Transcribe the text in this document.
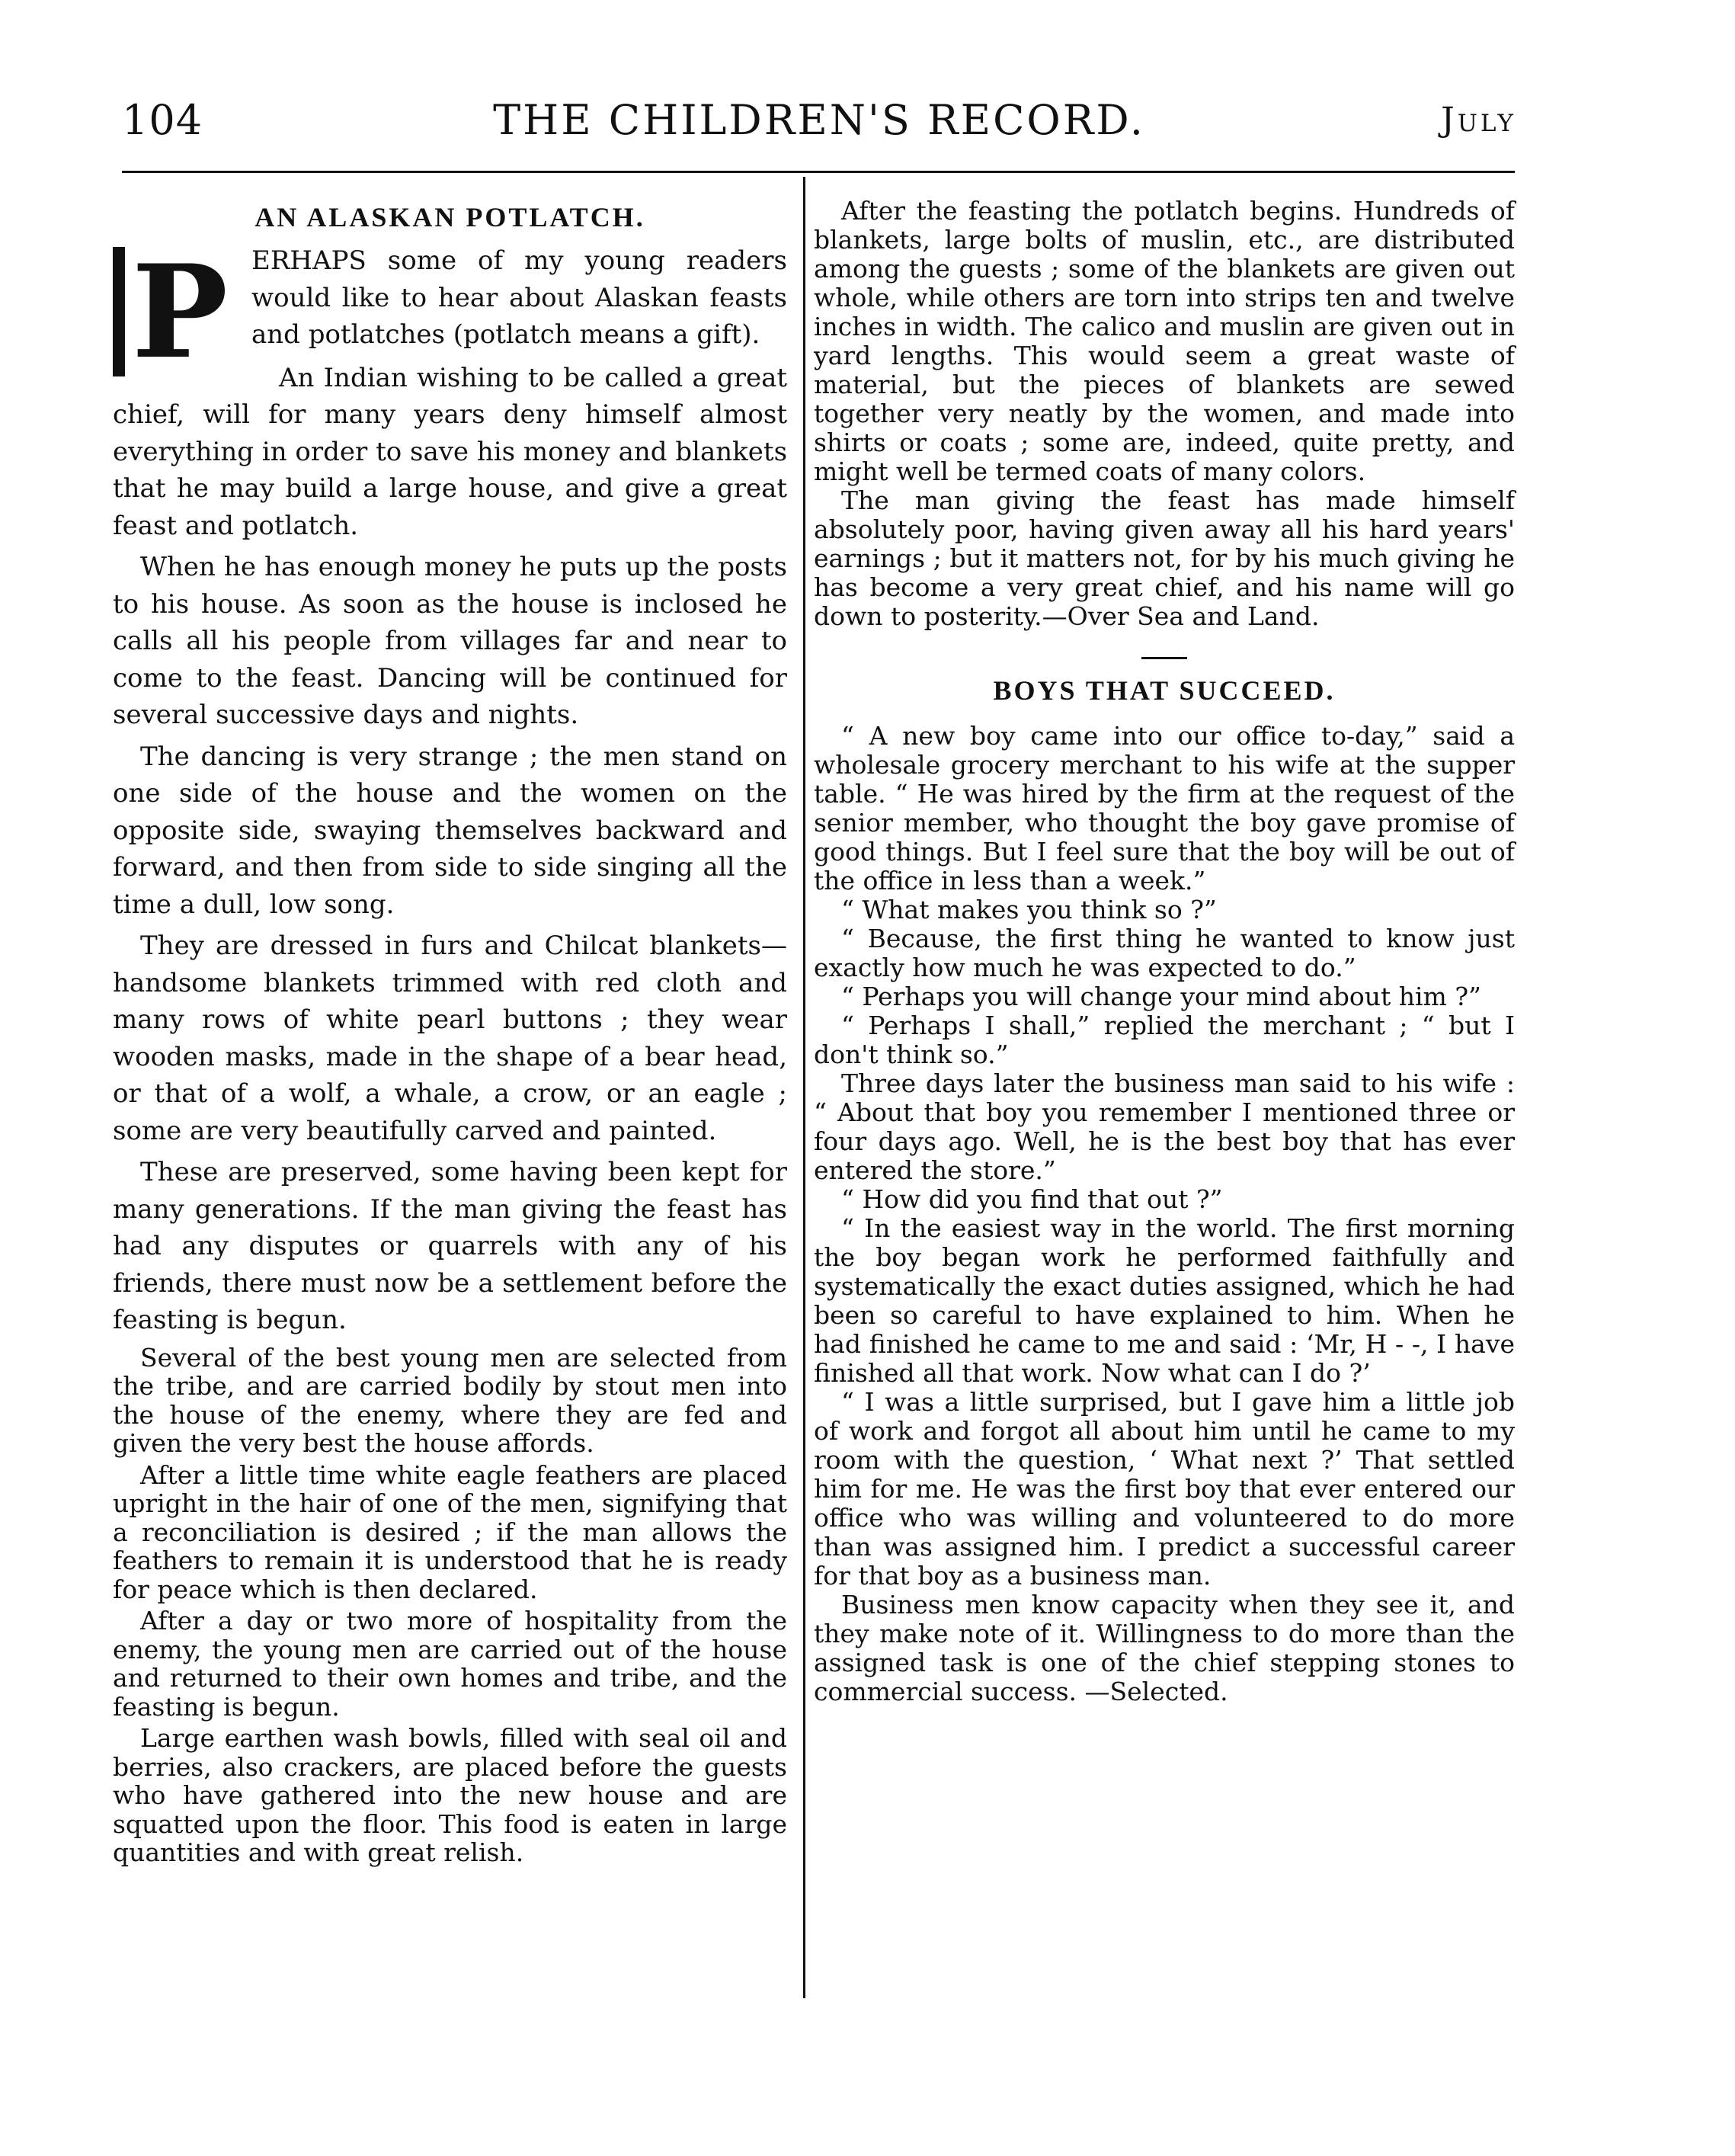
104	THE CHILDREN'S RECORD.	July
AN ALASKAN POTLATCH.
P ERHAPS some of my young readers would like to hear about Alaskan feasts and potlatches (potlatch means a gift).

An Indian wishing to be called a great chief, will for many years deny himself almost everything in order to save his money and blankets that he may build a large house, and give a great feast and potlatch.

When he has enough money he puts up the posts to his house. As soon as the house is inclosed he calls all his people from villages far and near to come to the feast. Dancing will be continued for several successive days and nights.

The dancing is very strange ; the men stand on one side of the house and the women on the opposite side, swaying themselves backward and forward, and then from side to side singing all the time a dull, low song.

They are dressed in furs and Chilcat blankets—handsome blankets trimmed with red cloth and many rows of white pearl buttons ; they wear wooden masks, made in the shape of a bear head, or that of a wolf, a whale, a crow, or an eagle ; some are very beautifully carved and painted.

These are preserved, some having been kept for many generations. If the man giving the feast has had any disputes or quarrels with any of his friends, there must now be a settlement before the feasting is begun.

Several of the best young men are selected from the tribe, and are carried bodily by stout men into the house of the enemy, where they are fed and given the very best the house affords.

After a little time white eagle feathers are placed upright in the hair of one of the men, signifying that a reconciliation is desired ; if the man allows the feathers to remain it is understood that he is ready for peace which is then declared.

After a day or two more of hospitality from the enemy, the young men are carried out of the house and returned to their own homes and tribe, and the feasting is begun.

Large earthen wash bowls, filled with seal oil and berries, also crackers, are placed before the guests who have gathered into the new house and are squatted upon the floor. This food is eaten in large quantities and with great relish.

After the feasting the potlatch begins. Hundreds of blankets, large bolts of muslin, etc., are distributed among the guests ; some of the blankets are given out whole, while others are torn into strips ten and twelve inches in width. The calico and muslin are given out in yard lengths. This would seem a great waste of material, but the pieces of blankets are sewed together very neatly by the women, and made into shirts or coats ; some are, indeed, quite pretty, and might well be termed coats of many colors.

The man giving the feast has made himself absolutely poor, having given away all his hard years' earnings ; but it matters not, for by his much giving he has become a very great chief, and his name will go down to posterity.—Over Sea and Land.

BOYS THAT SUCCEED.

“ A new boy came into our office to-day,” said a wholesale grocery merchant to his wife at the supper table. “ He was hired by the firm at the request of the senior member, who thought the boy gave promise of good things. But I feel sure that the boy will be out of the office in less than a week.”

“ What makes you think so ?”

“ Because, the first thing he wanted to know just exactly how much he was expected to do.”

“ Perhaps you will change your mind about him ?”

“ Perhaps I shall,” replied the merchant ; “ but I don't think so.”

Three days later the business man said to his wife : “ About that boy you remember I mentioned three or four days ago. Well, he is the best boy that has ever entered the store.”

“ How did you find that out ?”

“ In the easiest way in the world. The first morning the boy began work he performed faithfully and systematically the exact duties assigned, which he had been so careful to have explained to him. When he had finished he came to me and said : ‘Mr, H - -, I have finished all that work. Now what can I do ?’

“ I was a little surprised, but I gave him a little job of work and forgot all about him until he came to my room with the question, ‘ What next ?’ That settled him for me. He was the first boy that ever entered our office who was willing and volunteered to do more than was assigned him. I predict a successful career for that boy as a business man.

Business men know capacity when they see it, and they make note of it. Willingness to do more than the assigned task is one of the chief stepping stones to commercial success. —Selected.
